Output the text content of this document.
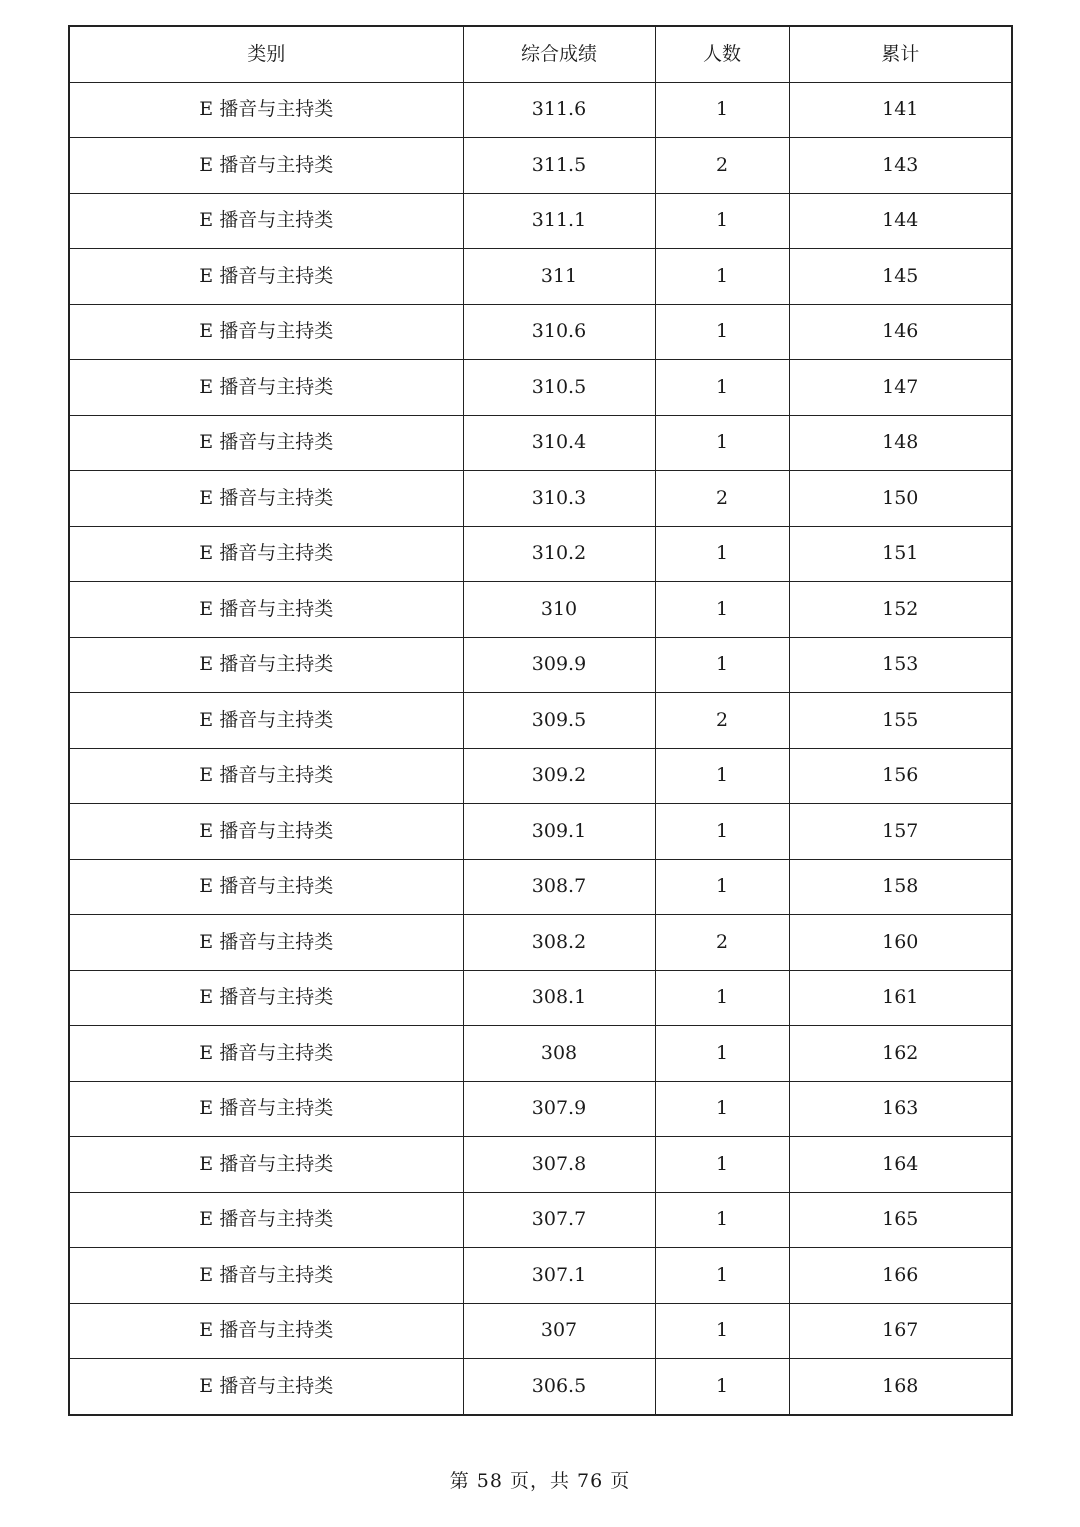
类别	综合成绩	人数	累计
E 播音与主持类	311.6	1	141
E 播音与主持类	311.5	2	143
E 播音与主持类	311.1	1	144
E 播音与主持类	311	1	145
E 播音与主持类	310.6	1	146
E 播音与主持类	310.5	1	147
E 播音与主持类	310.4	1	148
E 播音与主持类	310.3	2	150
E 播音与主持类	310.2	1	151
E 播音与主持类	310	1	152
E 播音与主持类	309.9	1	153
E 播音与主持类	309.5	2	155
E 播音与主持类	309.2	1	156
E 播音与主持类	309.1	1	157
E 播音与主持类	308.7	1	158
E 播音与主持类	308.2	2	160
E 播音与主持类	308.1	1	161
E 播音与主持类	308	1	162
E 播音与主持类	307.9	1	163
E 播音与主持类	307.8	1	164
E 播音与主持类	307.7	1	165
E 播音与主持类	307.1	1	166
E 播音与主持类	307	1	167
E 播音与主持类	306.5	1	168
第 58 页，共 76 页
